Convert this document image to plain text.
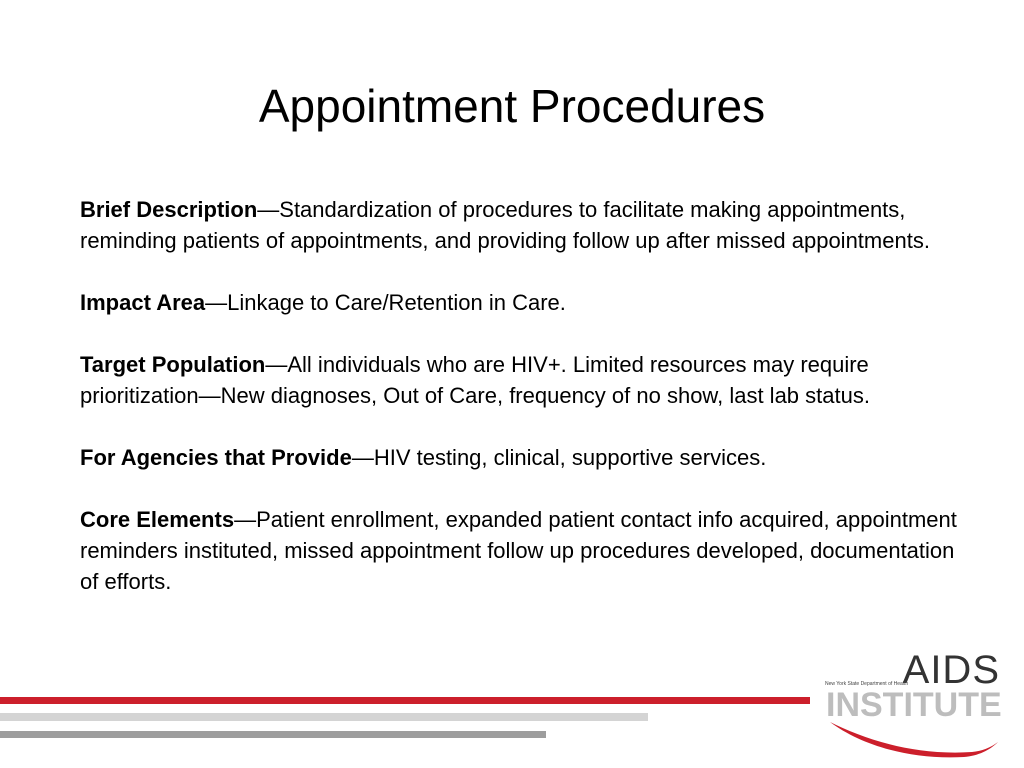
Appointment Procedures

Brief Description—Standardization of procedures to facilitate making appointments, reminding patients of appointments, and providing follow up after missed appointments.

Impact Area—Linkage to Care/Retention in Care.

Target Population—All individuals who are HIV+. Limited resources may require prioritization—New diagnoses, Out of Care, frequency of no show, last lab status.

For Agencies that Provide—HIV testing, clinical, supportive services.

Core Elements—Patient enrollment, expanded patient contact info acquired, appointment reminders instituted, missed appointment follow up procedures developed, documentation of efforts.

AIDS
New York State Department of Health
INSTITUTE
